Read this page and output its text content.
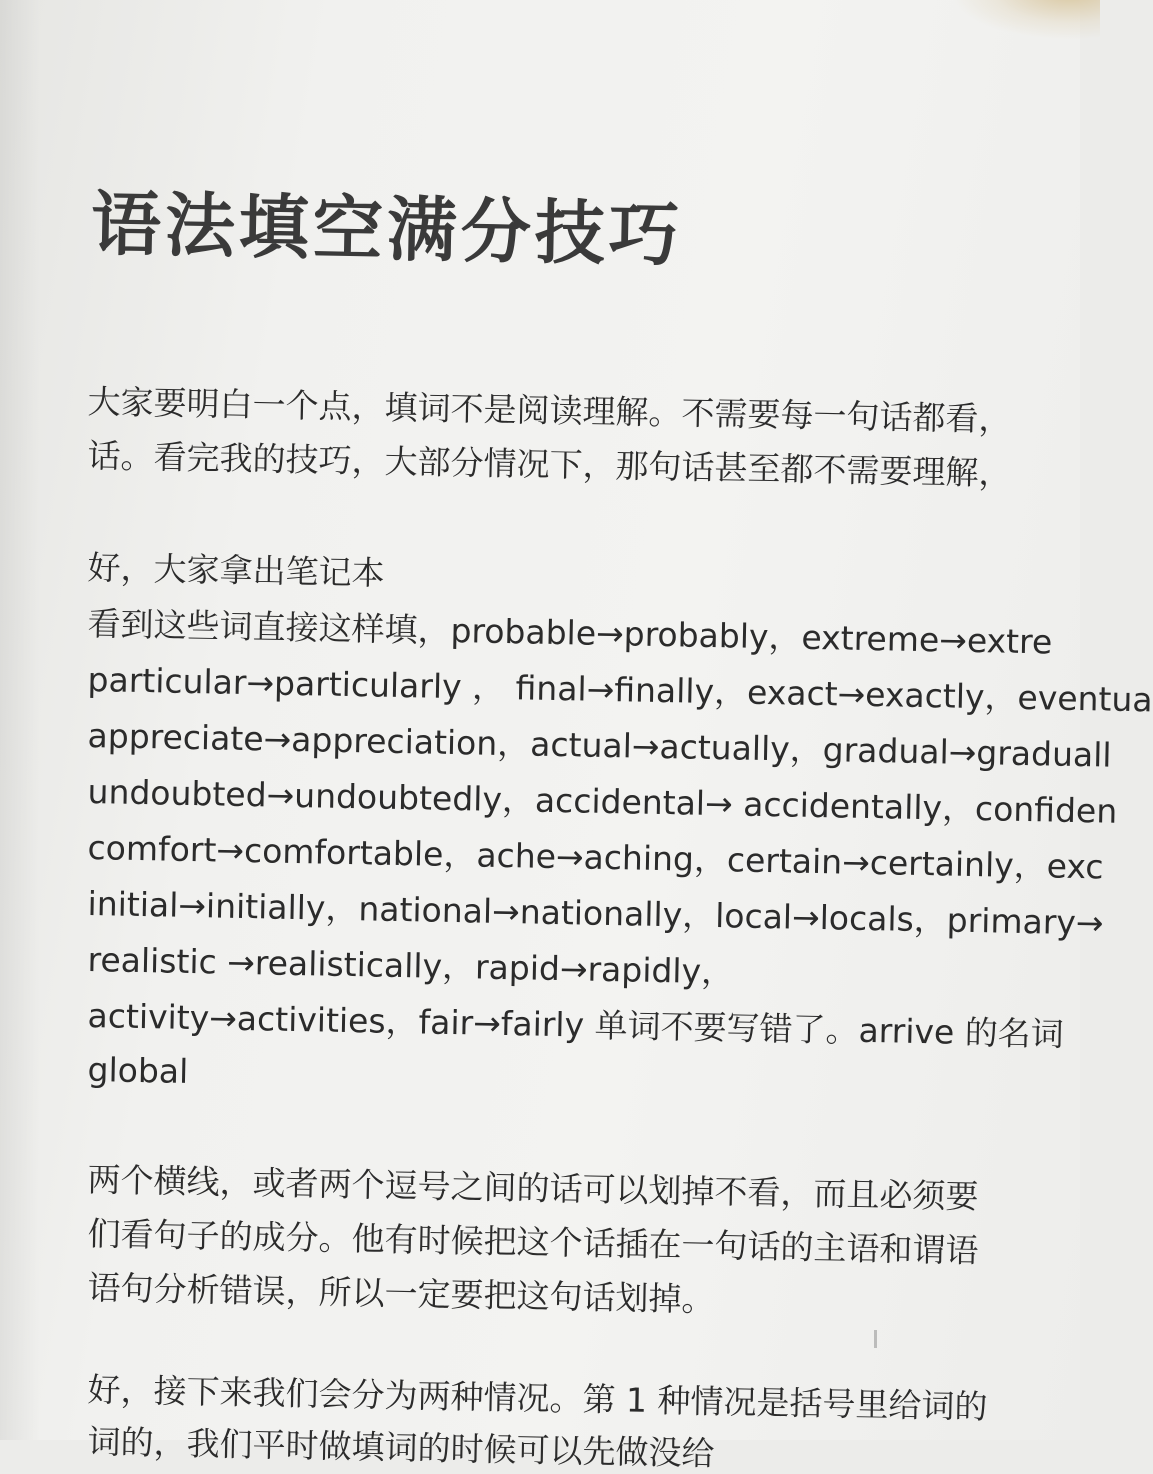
语法填空满分技巧
大家要明白一个点，填词不是阅读理解。不需要每一句话都看，
话。看完我的技巧，大部分情况下，那句话甚至都不需要理解，
好，大家拿出笔记本
看到这些词直接这样填，probable→probably，extreme→extre
particular→particularly ， final→finally，exact→exactly，eventua
appreciate→appreciation，actual→actually，gradual→graduall
undoubted→undoubtedly，accidental→ accidentally，confiden
comfort→comfortable，ache→aching，certain→certainly，exc
initial→initially，national→nationally，local→locals，primary→
realistic →realistically，rapid→rapidly，
activity→activities，fair→fairly 单词不要写错了。arrive 的名词
global
两个横线，或者两个逗号之间的话可以划掉不看，而且必须要
们看句子的成分。他有时候把这个话插在一句话的主语和谓语
语句分析错误，所以一定要把这句话划掉。
好，接下来我们会分为两种情况。第 1 种情况是括号里给词的
词的，我们平时做填词的时候可以先做没给
